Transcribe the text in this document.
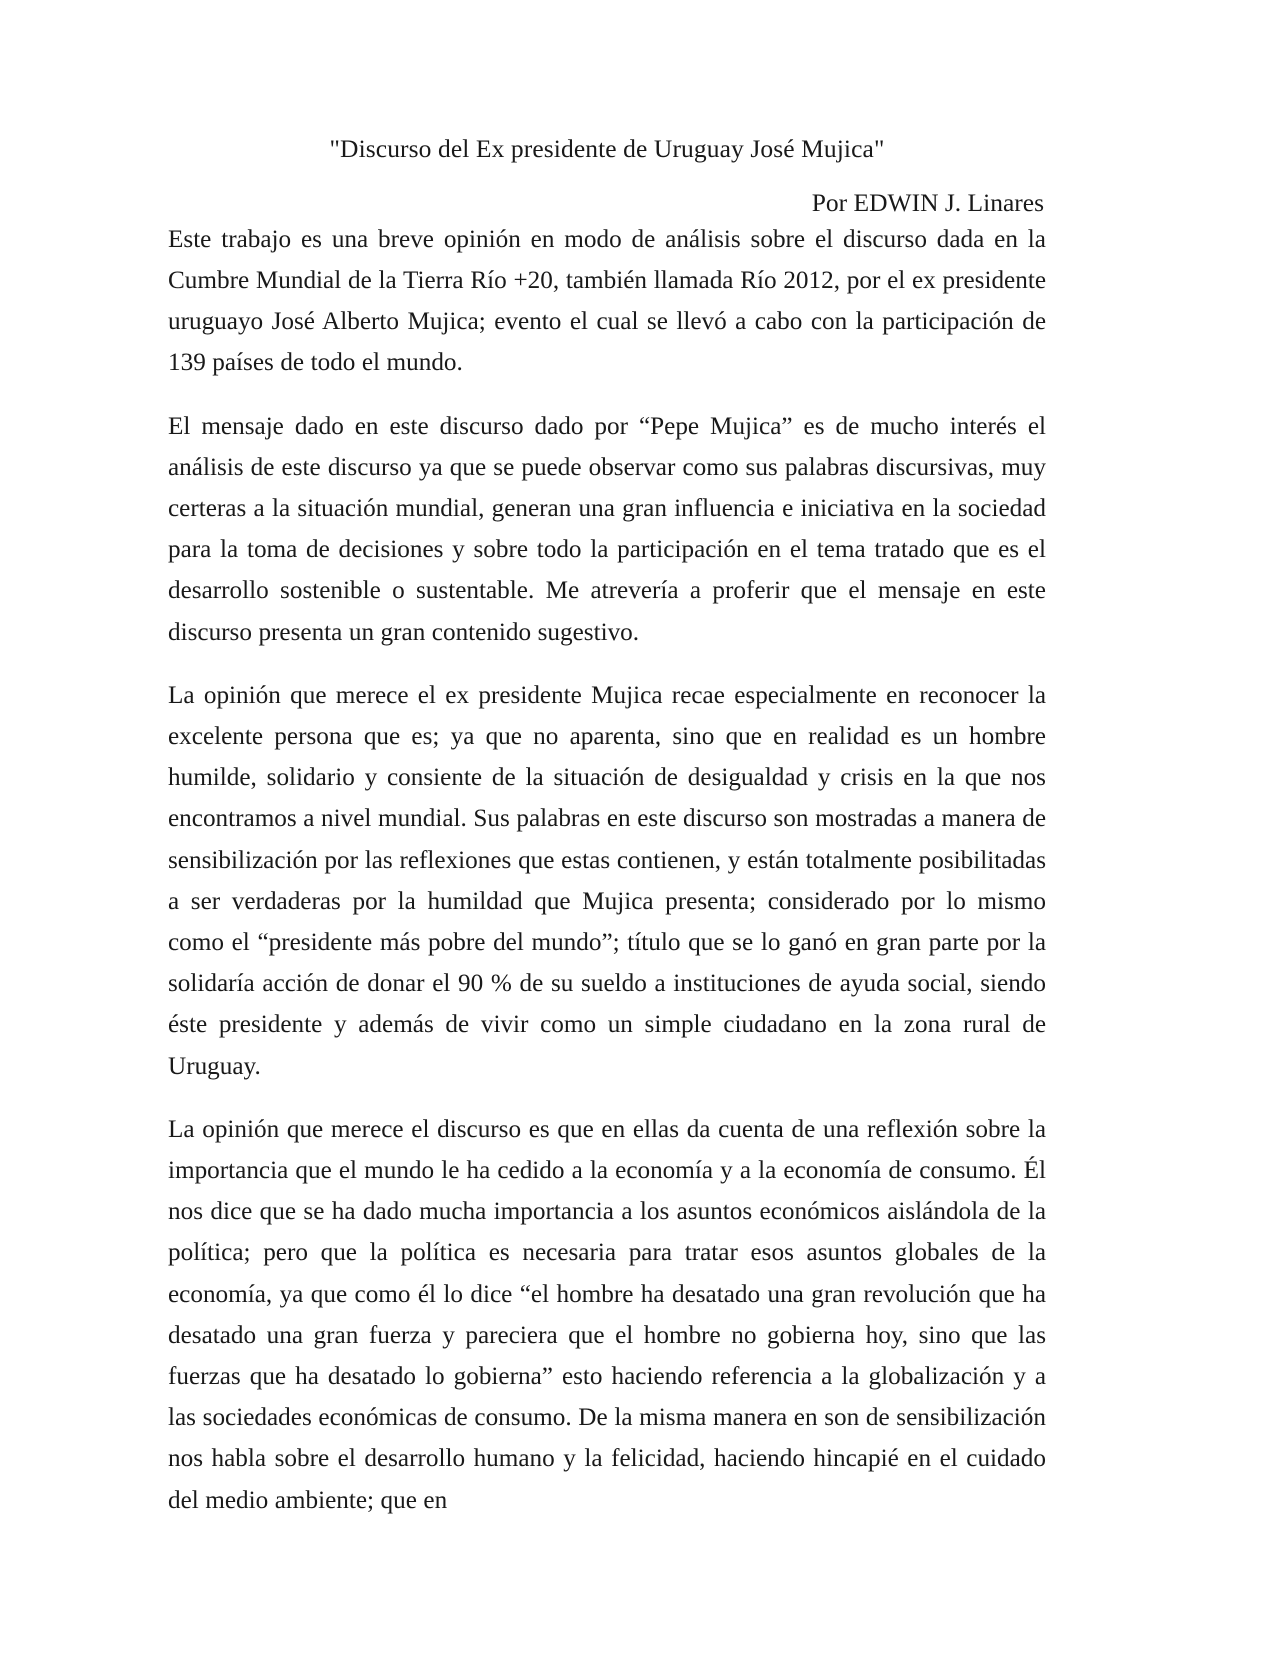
"Discurso del Ex presidente de Uruguay José Mujica"
Por EDWIN J. Linares

Este trabajo es una breve opinión en modo de análisis sobre el discurso dada en la Cumbre Mundial de la Tierra Río +20, también llamada Río 2012, por el ex presidente uruguayo José Alberto Mujica; evento el cual se llevó a cabo con la participación de 139 países de todo el mundo.

El mensaje dado en este discurso dado por “Pepe Mujica” es de mucho interés el análisis de este discurso ya que se puede observar como sus palabras discursivas, muy certeras a la situación mundial, generan una gran influencia e iniciativa en la sociedad para la toma de decisiones y sobre todo la participación en el tema tratado que es el desarrollo sostenible o sustentable. Me atrevería a proferir que el mensaje en este discurso presenta un gran contenido sugestivo.

La opinión que merece el ex presidente Mujica recae especialmente en reconocer la excelente persona que es; ya que no aparenta, sino que en realidad es un hombre humilde, solidario y consiente de la situación de desigualdad y crisis en la que nos encontramos a nivel mundial. Sus palabras en este discurso son mostradas a manera de sensibilización por las reflexiones que estas contienen, y están totalmente posibilitadas a ser verdaderas por la humildad que Mujica presenta; considerado por lo mismo como el “presidente más pobre del mundo”; título que se lo ganó en gran parte por la solidaría acción de donar el 90 % de su sueldo a instituciones de ayuda social, siendo éste presidente y además de vivir como un simple ciudadano en la zona rural de Uruguay.

La opinión que merece el discurso es que en ellas da cuenta de una reflexión sobre la importancia que el mundo le ha cedido a la economía y a la economía de consumo. Él nos dice que se ha dado mucha importancia a los asuntos económicos aislándola de la política; pero que la política es necesaria para tratar esos asuntos globales de la economía, ya que como él lo dice “el hombre ha desatado una gran revolución que ha desatado una gran fuerza y pareciera que el hombre no gobierna hoy, sino que las fuerzas que ha desatado lo gobierna” esto haciendo referencia a la globalización y a las sociedades económicas de consumo. De la misma manera en son de sensibilización nos habla sobre el desarrollo humano y la felicidad, haciendo hincapié en el cuidado del medio ambiente; que en
